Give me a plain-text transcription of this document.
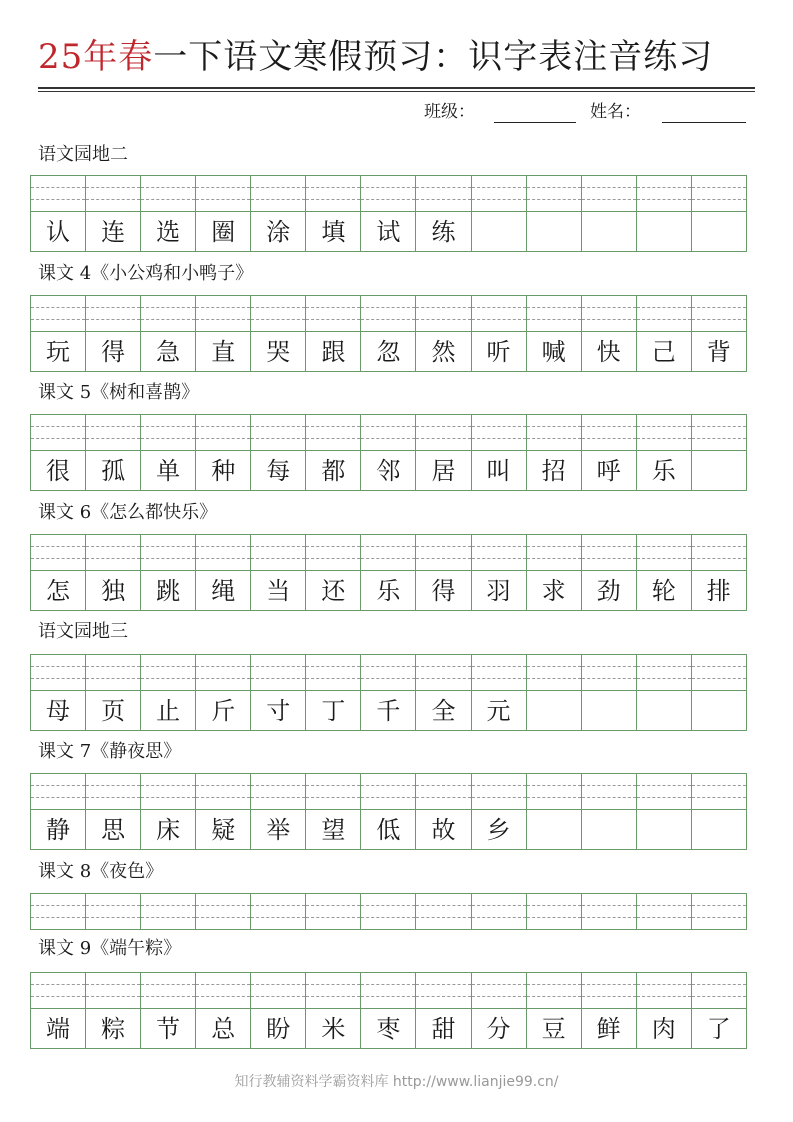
25年春一下语文寒假预习：识字表注音练习
班级：	姓名：
语文园地二
认	连	选	圈	涂	填	试	练
课文 4《小公鸡和小鸭子》
玩	得	急	直	哭	跟	忽	然	听	喊	快	己	背
课文 5《树和喜鹊》
很	孤	单	种	每	都	邻	居	叫	招	呼	乐
课文 6《怎么都快乐》
怎	独	跳	绳	当	还	乐	得	羽	求	劲	轮	排
语文园地三
母	页	止	斤	寸	丁	千	全	元
课文 7《静夜思》
静	思	床	疑	举	望	低	故	乡
课文 8《夜色》
课文 9《端午粽》
端	粽	节	总	盼	米	枣	甜	分	豆	鲜	肉	了
知行教辅资料学霸资料库 http://www.lianjie99.cn/
